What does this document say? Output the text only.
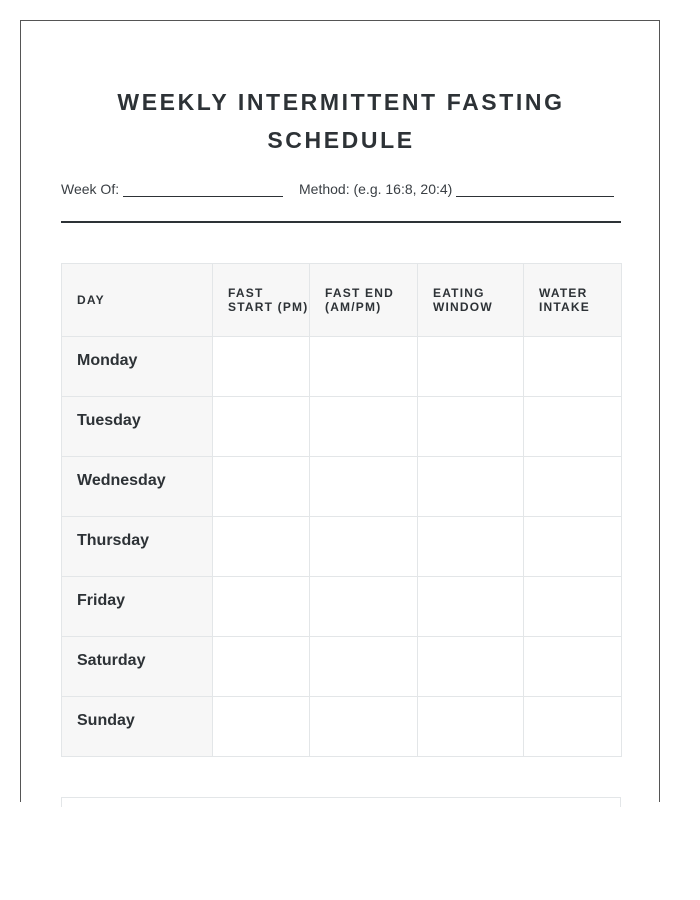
WEEKLY INTERMITTENT FASTING
SCHEDULE
Week Of:	Method: (e.g. 16:8, 20:4)
DAY	FAST START (PM)	FAST END (AM/PM)	EATING WINDOW	WATER INTAKE
Monday				
Tuesday				
Wednesday				
Thursday				
Friday				
Saturday				
Sunday				
